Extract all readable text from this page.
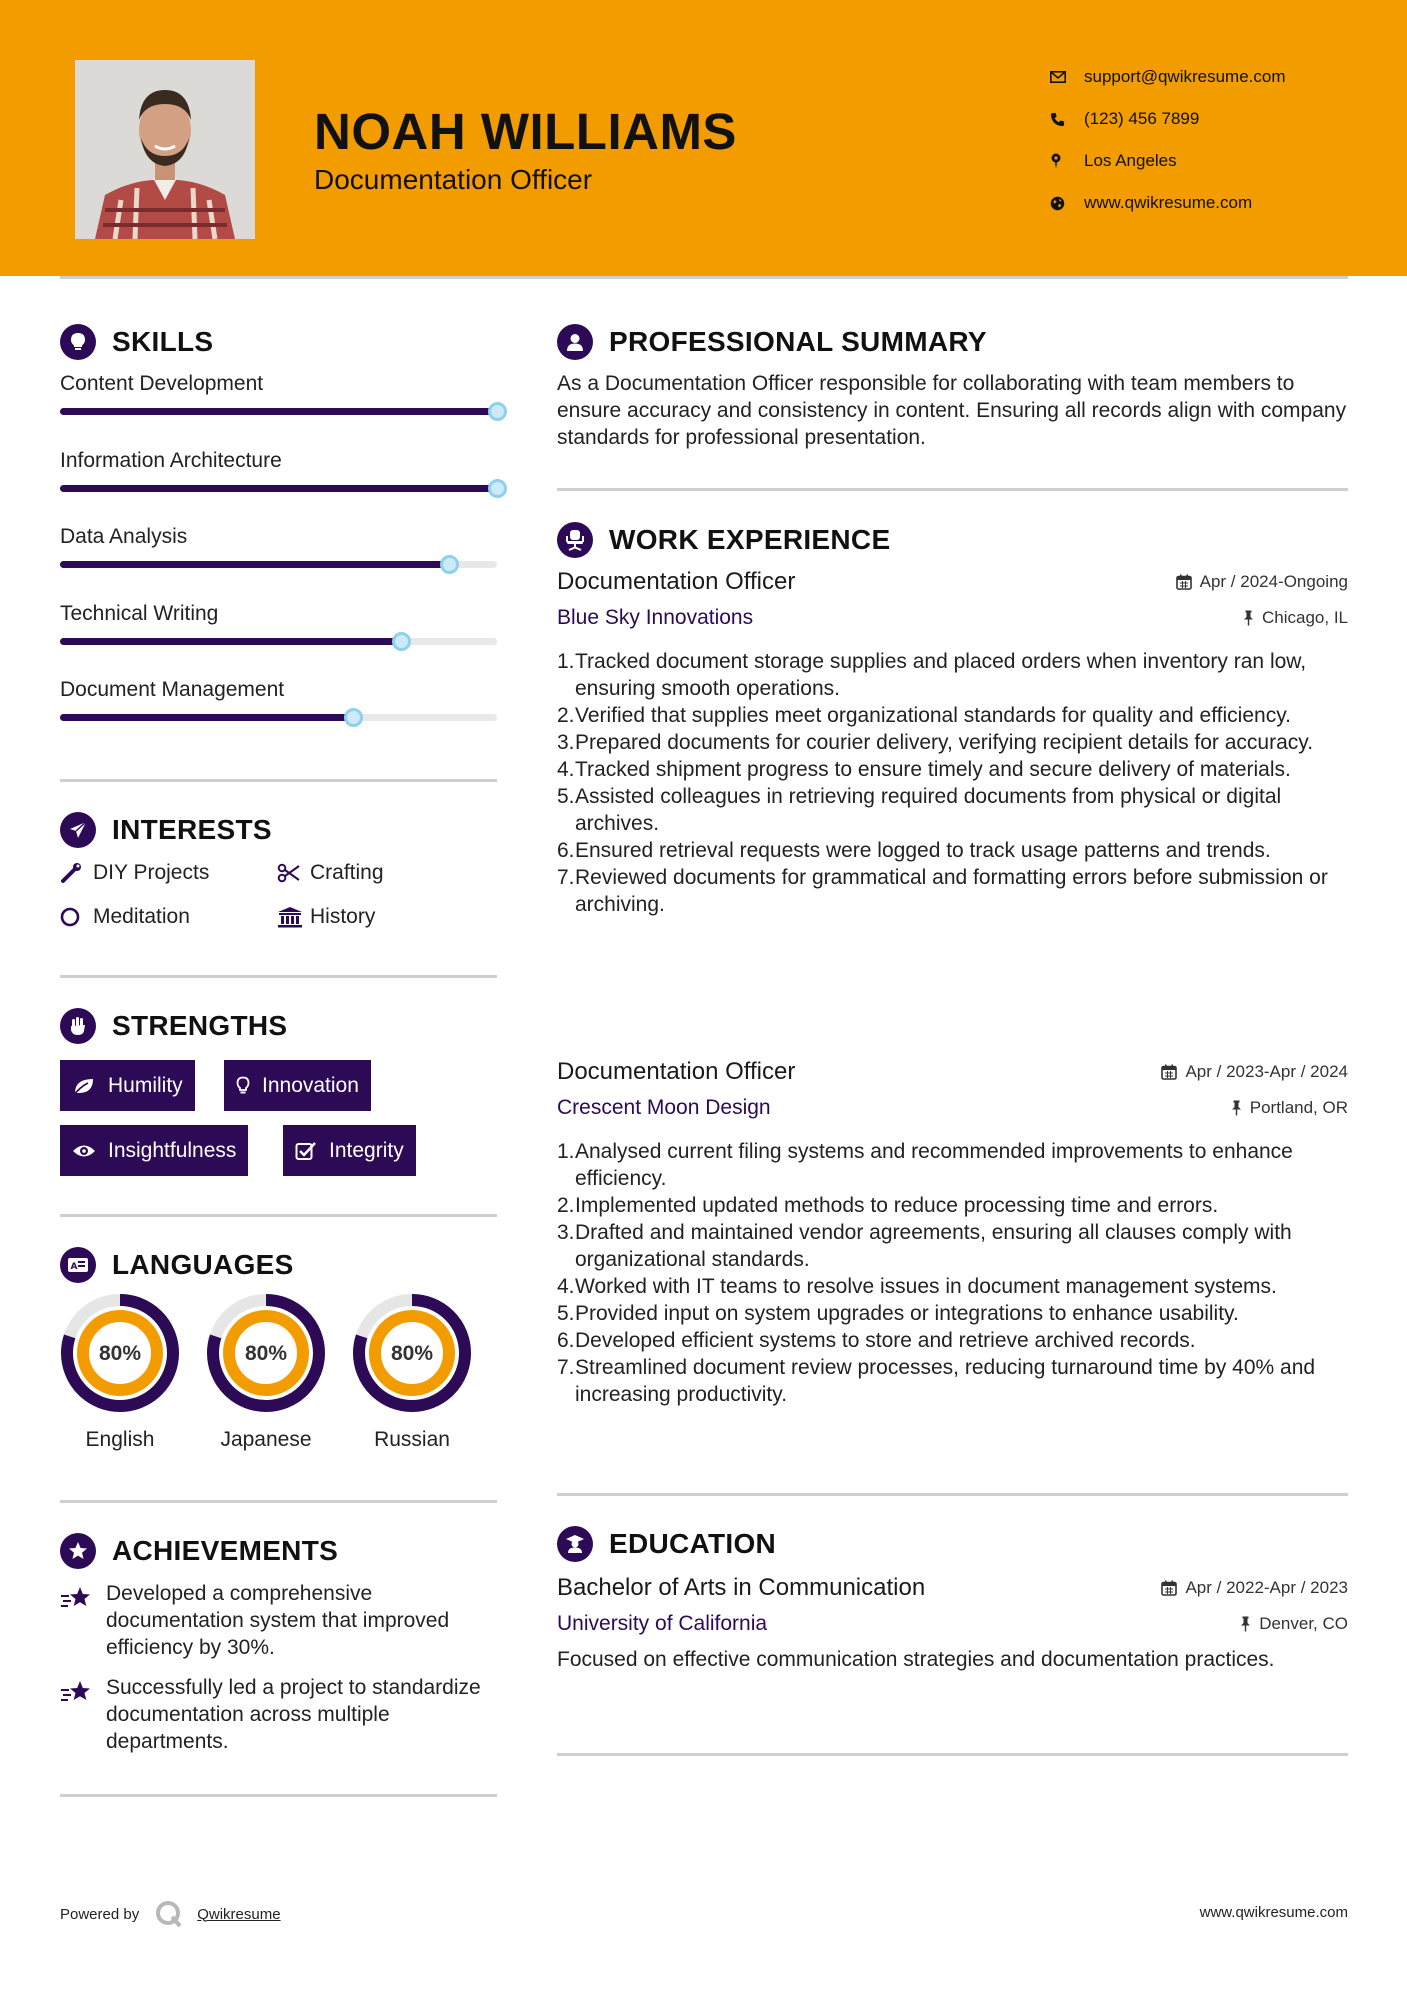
NOAH WILLIAMS
Documentation Officer
support@qwikresume.com
(123) 456 7899
Los Angeles
www.qwikresume.com
SKILLS
Content Development
Information Architecture
Data Analysis
Technical Writing
Document Management
INTERESTS
DIY Projects	Crafting
Meditation	History
STRENGTHS
Humility	Innovation
Insightfulness	Integrity
A LANGUAGES
80%
English
80%
Japanese
80%
Russian
ACHIEVEMENTS
Developed a comprehensive documentation system that improved efficiency by 30%.
Successfully led a project to standardize documentation across multiple departments.
PROFESSIONAL SUMMARY
As a Documentation Officer responsible for collaborating with team members to ensure accuracy and consistency in content. Ensuring all records align with company standards for professional presentation.
WORK EXPERIENCE
Documentation Officer	Apr / 2024-Ongoing
Blue Sky Innovations	Chicago, IL
1. Tracked document storage supplies and placed orders when inventory ran low, ensuring smooth operations.
2. Verified that supplies meet organizational standards for quality and efficiency.
3. Prepared documents for courier delivery, verifying recipient details for accuracy.
4. Tracked shipment progress to ensure timely and secure delivery of materials.
5. Assisted colleagues in retrieving required documents from physical or digital archives.
6. Ensured retrieval requests were logged to track usage patterns and trends.
7. Reviewed documents for grammatical and formatting errors before submission or archiving.
Documentation Officer	Apr / 2023-Apr / 2024
Crescent Moon Design	Portland, OR
1. Analysed current filing systems and recommended improvements to enhance efficiency.
2. Implemented updated methods to reduce processing time and errors.
3. Drafted and maintained vendor agreements, ensuring all clauses comply with organizational standards.
4. Worked with IT teams to resolve issues in document management systems.
5. Provided input on system upgrades or integrations to enhance usability.
6. Developed efficient systems to store and retrieve archived records.
7. Streamlined document review processes, reducing turnaround time by 40% and increasing productivity.
EDUCATION
Bachelor of Arts in Communication	Apr / 2022-Apr / 2023
University of California	Denver, CO
Focused on effective communication strategies and documentation practices.
Powered by	Qwikresume	www.qwikresume.com
